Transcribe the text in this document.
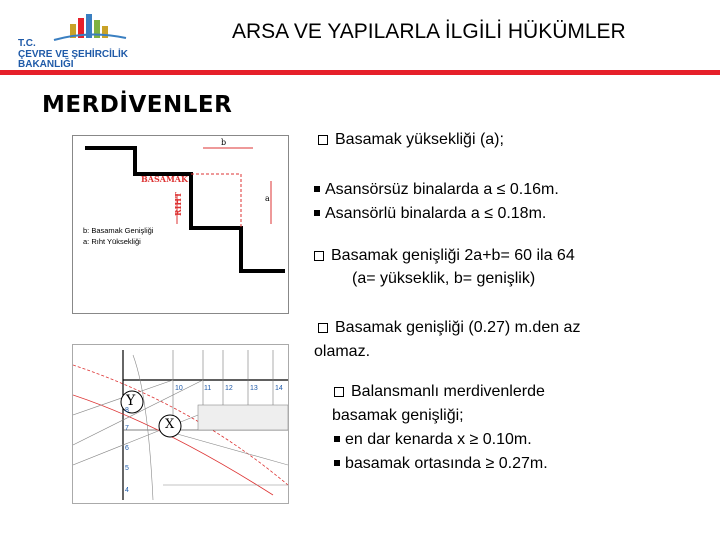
T.C.
ÇEVRE VE ŞEHİRCİLİK
BAKANLIĞI
ARSA VE YAPILARLA İLGİLİ HÜKÜMLER
MERDİVENLER
b
a
BASAMAK
RIHT
b: Basamak Genişliği
a: Rıht Yüksekliği
Y
X
10	11 12 13 14
8
7
6
5
4
Basamak yüksekliği (a);
Asansörsüz binalarda a ≤ 0.16m.
Asansörlü binalarda a ≤ 0.18m.
Basamak genişliği 2a+b= 60 ila 64
(a= yükseklik, b= genişlik)
Basamak genişliği (0.27) m.den az
olamaz.
Balansmanlı merdivenlerde
basamak genişliği;
en dar kenarda x ≥ 0.10m.
basamak ortasında ≥ 0.27m.
